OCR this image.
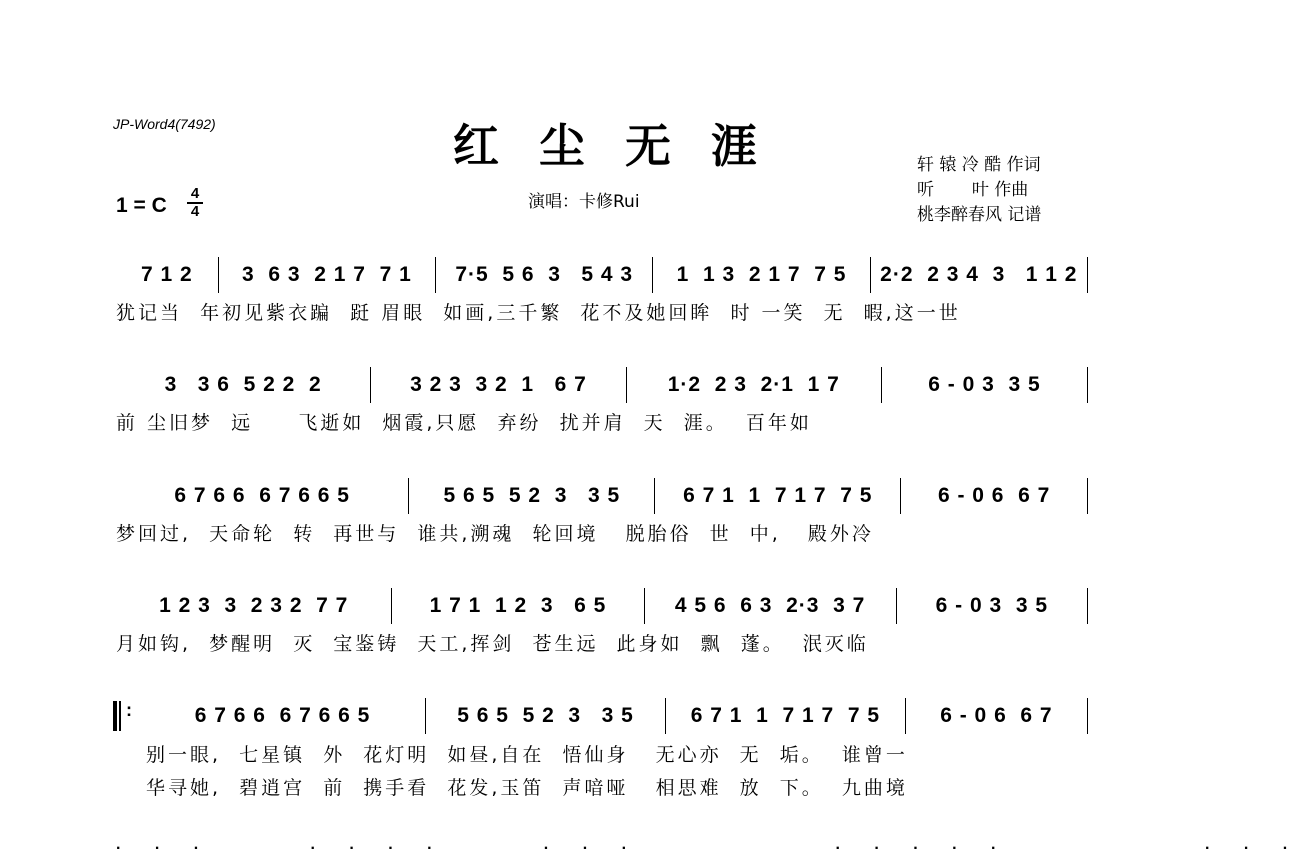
JP-Word4(7492)	红 尘 无 涯
1 = C
4
4	演唱：卡修Rui
轩 辕 冷 酷 作词
听       叶 作曲
桃李醉春风 记谱
7 1 2 3  6 3  2 1 7  7 1 7·5  5 6  3   5 4 3 1  1 3  2 1 7  7 5 2·2  2 3 4  3   1 1 2
犹记当  年初见紫衣蹁  跹 眉眼  如画,三千繁  花不及她回眸  时 一笑  无  暇,这一世
3   3 6  5 2 2  2	3 2 3  3 2  1   6 7	1·2  2 3  2·1  1 7	6 - 0 3  3 5
前 尘旧梦  远     飞逝如  烟霞,只愿  弃纷  扰并肩  天  涯。  百年如
6 7 6 6  6 7 6 6 5	5 6 5  5 2  3   3 5	6 7 1  1  7 1 7  7 5	6 - 0 6  6 7
梦回过,  天命轮  转  再世与  谁共,溯魂  轮回境   脱胎俗  世  中,   殿外冷
1 2 3  3  2 3 2  7 7	1 7 1  1 2  3   6 5	4 5 6  6 3  2·3  3 7	6 - 0 3  3 5
月如钩,  梦醒明  灭  宝鉴铸  天工,挥剑  苍生远  此身如  飘  蓬。  泯灭临
:	6 7 6 6  6 7 6 6 5	5 6 5  5 2  3   3 5	6 7 1  1  7 1 7  7 5	6 - 0 6  6 7
别一眼,  七星镇  外  花灯明  如昼,自在  悟仙身   无心亦  无  垢。  谁曾一
华寻她,  碧逍宫  前  携手看  花发,玉笛  声喑哑   相思难  放  下。  九曲境
. . .     . . . .     . . .          . . . . .          . . .
